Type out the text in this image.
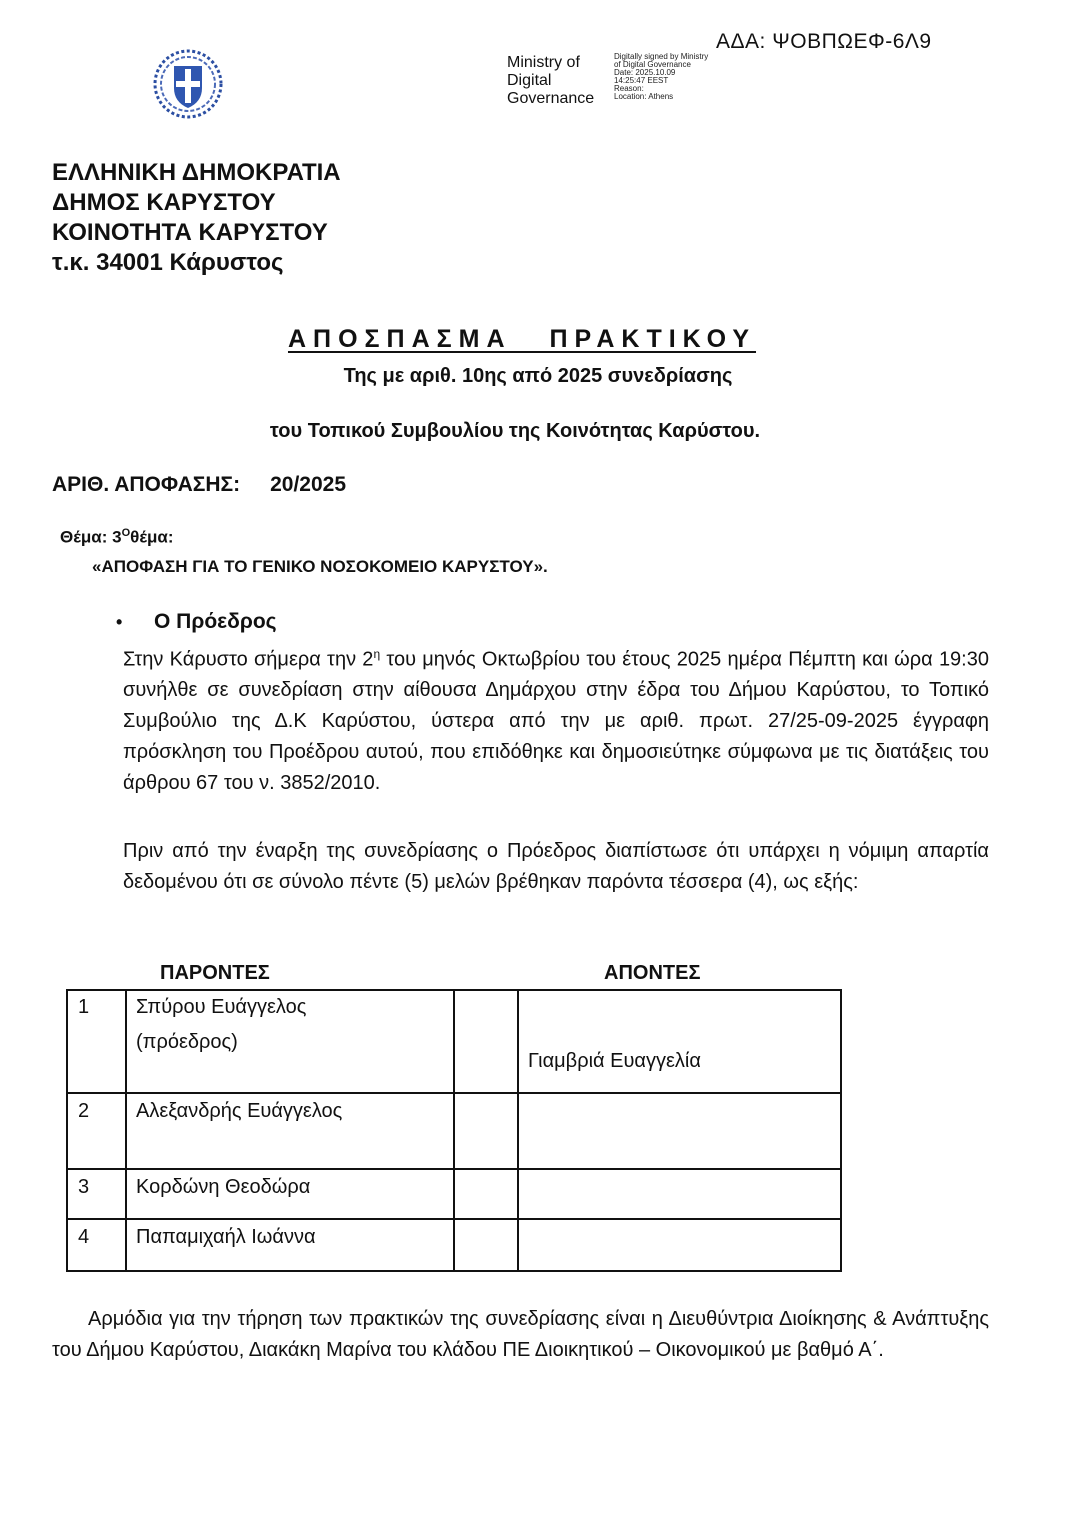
ΑΔΑ: ΨΟΒΠΩΕΦ-6Λ9
Ministry of
Digital
Governance
Digitally signed by Ministry
of Digital Governance
Date: 2025.10.09
14:25:47 EEST
Reason:
Location: Athens
ΕΛΛΗΝΙΚΗ ΔΗΜΟΚΡΑΤΙΑ
ΔΗΜΟΣ ΚΑΡΥΣΤΟΥ
ΚΟΙΝΟΤΗΤΑ ΚΑΡΥΣΤΟΥ
τ.κ. 34001 Κάρυστος
ΑΠΟΣΠΑΣΜΑ ΠΡΑΚΤΙΚΟΥ
Της με αριθ. 10ης από 2025 συνεδρίασης
του Τοπικού Συμβουλίου της Κοινότητας Καρύστου.
ΑΡΙΘ. ΑΠΟΦΑΣΗΣ: 20/2025
Θέμα: $3^O\theta έ\mu\alpha$:
«ΑΠΟΦΑΣΗ ΓΙΑ ΤΟ ΓΕΝΙΚΟ ΝΟΣΟΚΟΜΕΙΟ ΚΑΡΥΣΤΟΥ».
• Ο Πρόεδρος
Στην Κάρυστο σήμερα την $2^\eta$ του μηνός Οκτωβρίου του έτους 2025 ημέρα Πέμπτη και ώρα 19:30 συνήλθε σε συνεδρίαση στην αίθουσα Δημάρχου στην έδρα του Δήμου Καρύστου, το Τοπικό Συμβούλιο της Δ.Κ Καρύστου, ύστερα από την με αριθ. πρωτ. 27/25-09-2025 έγγραφη πρόσκληση του Προέδρου αυτού, που επιδόθηκε και δημοσιεύτηκε σύμφωνα με τις διατάξεις του άρθρου 67 του ν. 3852/2010.
Πριν από την έναρξη της συνεδρίασης ο Πρόεδρος διαπίστωσε ότι υπάρχει η νόμιμη απαρτία δεδομένου ότι σε σύνολο πέντε (5) μελών βρέθηκαν παρόντα τέσσερα (4), ως εξής:
ΠΑΡΟΝΤΕΣ	ΑΠΟΝΤΕΣ
1 Σπύρου Ευάγγελος
(πρόεδρος)
Γιαμβριά Ευαγγελία
2 Αλεξανδρής Ευάγγελος
3 Κορδώνη Θεοδώρα
4 Παπαμιχαήλ Ιωάννα
Αρμόδια για την τήρηση των πρακτικών της συνεδρίασης είναι η Διευθύντρια Διοίκησης & Ανάπτυξης του Δήμου Καρύστου, Διακάκη Μαρίνα του κλάδου ΠΕ Διοικητικού – Οικονομικού με βαθμό Α΄.
